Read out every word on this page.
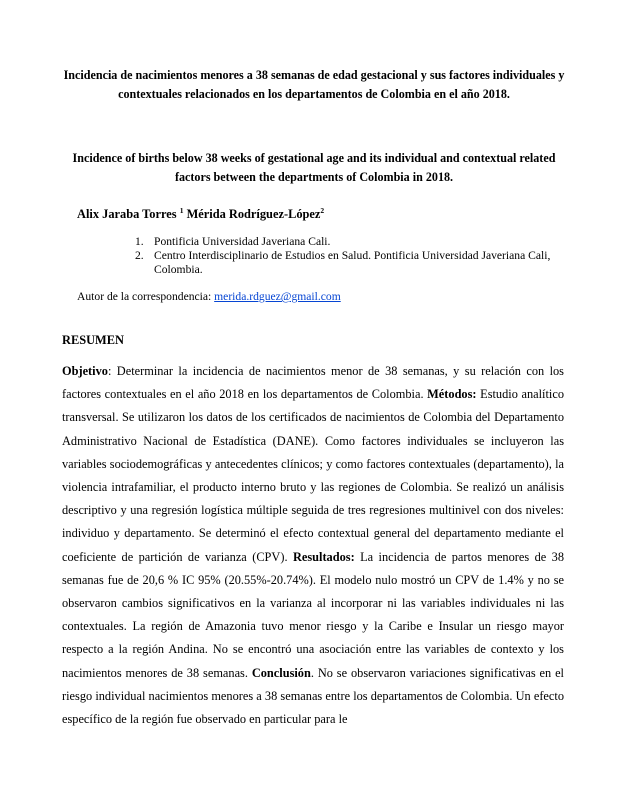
Incidencia de nacimientos menores a 38 semanas de edad gestacional y sus factores individuales y contextuales relacionados en los departamentos de Colombia en el año 2018.
Incidence of births below 38 weeks of gestational age and its individual and contextual related factors between the departments of Colombia in 2018.
Alix Jaraba Torres $^1$ Mérida Rodríguez-López$^2$
1. Pontificia Universidad Javeriana Cali.
2. Centro Interdisciplinario de Estudios en Salud. Pontificia Universidad Javeriana Cali, Colombia.
Autor de la correspondencia: merida.rdguez@gmail.com
RESUMEN

Objetivo: Determinar la incidencia de nacimientos menor de 38 semanas, y su relación con los factores contextuales en el año 2018 en los departamentos de Colombia. Métodos: Estudio analítico transversal. Se utilizaron los datos de los certificados de nacimientos de Colombia del Departamento Administrativo Nacional de Estadística (DANE). Como factores individuales se incluyeron las variables sociodemográficas y antecedentes clínicos; y como factores contextuales (departamento), la violencia intrafamiliar, el producto interno bruto y las regiones de Colombia. Se realizó un análisis descriptivo y una regresión logística múltiple seguida de tres regresiones multinivel con dos niveles: individuo y departamento. Se determinó el efecto contextual general del departamento mediante el coeficiente de partición de varianza (CPV). Resultados: La incidencia de partos menores de 38 semanas fue de 20,6 % IC 95% (20.55%-20.74%). El modelo nulo mostró un CPV de 1.4% y no se observaron cambios significativos en la varianza al incorporar ni las variables individuales ni las contextuales. La región de Amazonia tuvo menor riesgo y la Caribe e Insular un riesgo mayor respecto a la región Andina. No se encontró una asociación entre las variables de contexto y los nacimientos menores de 38 semanas. Conclusión. No se observaron variaciones significativas en el riesgo individual nacimientos menores a 38 semanas entre los departamentos de Colombia. Un efecto específico de la región fue observado en particular para le
